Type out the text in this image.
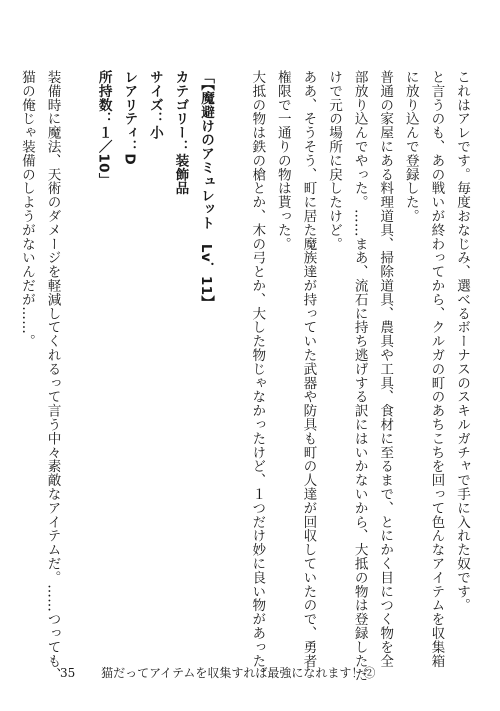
これはアレです。毎度おなじみ、選べるボーナスのスキルガチャで手に入れた奴です。
と言うのも、あの戦いが終わってから、クルガの町のあちこちを回って色んなアイテムを収集箱
に放り込んで登録した。
普通の家屋にある料理道具、掃除道具、農具や工具、食材に至るまで、とにかく目につく物を全
部放り込んでやった。……まあ、流石に持ち逃げする訳にはいかないから、大抵の物は登録しただ
けで元の場所に戻したけど。
ああ、そうそう、町に居た魔族達が持っていた武器や防具も町の人達が回収していたので、勇者
権限で一通りの物は貰った。
大抵の物は鉄の槍とか、木の弓とか、大した物じゃなかったけど、１つだけ妙に良い物があった。
「【魔避けのアミュレット　Lv．11】
カテゴリー：装飾品
サイズ：小
レアリティ：D
所持数：１／10」
装備時に魔法、天術のダメージを軽減してくれるって言う中々素敵なアイテムだ。……つっても、
猫の俺じゃ装備のしようがないんだが……。
35 猫だってアイテムを収集すれば最強になれます！②
